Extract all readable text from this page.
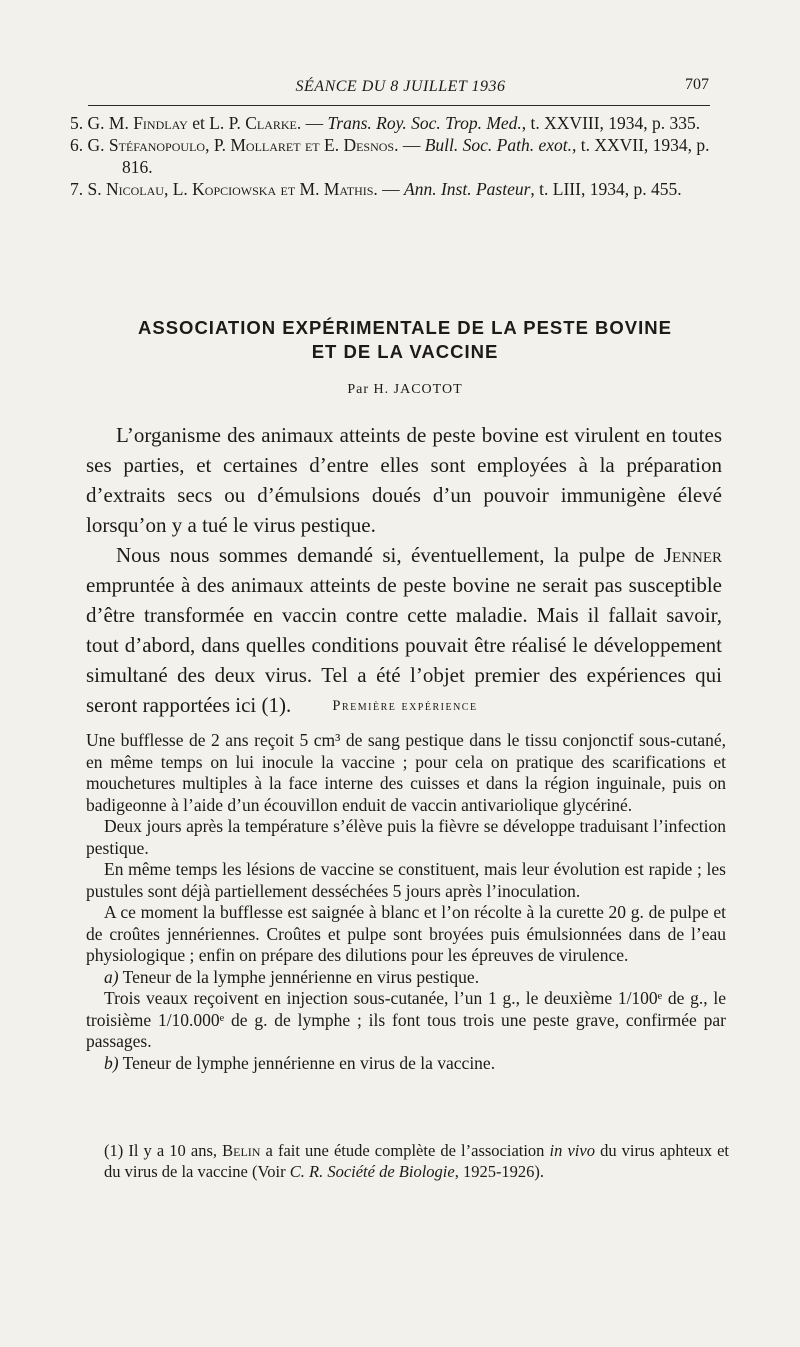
SÉANCE DU 8 JUILLET 1936	707

5. G. M. Findlay et L. P. Clarke. — Trans. Roy. Soc. Trop. Med., t. XXVIII, 1934, p. 335.

6. G. Stéfanopoulo, P. Mollaret et E. Desnos. — Bull. Soc. Path. exot., t. XXVII, 1934, p. 816.

7. S. Nicolau, L. Kopciowska et M. Mathis. — Ann. Inst. Pasteur, t. LIII, 1934, p. 455.

ASSOCIATION EXPÉRIMENTALE DE LA PESTE BOVINE
ET DE LA VACCINE
Par H. JACOTOT

L’organisme des animaux atteints de peste bovine est virulent en toutes ses parties, et certaines d’entre elles sont employées à la préparation d’extraits secs ou d’émulsions doués d’un pouvoir immunigène élevé lorsqu’on y a tué le virus pestique.

Nous nous sommes demandé si, éventuellement, la pulpe de Jenner empruntée à des animaux atteints de peste bovine ne serait pas susceptible d’être transformée en vaccin contre cette maladie. Mais il fallait savoir, tout d’abord, dans quelles conditions pouvait être réalisé le développement simultané des deux virus. Tel a été l’objet premier des expériences qui seront rapportées ici (1).	Première expérience

Une bufflesse de 2 ans reçoit 5 cm³ de sang pestique dans le tissu conjonctif sous-cutané, en même temps on lui inocule la vaccine ; pour cela on pratique des scarifications et mouchetures multiples à la face interne des cuisses et dans la région inguinale, puis on badigeonne à l’aide d’un écouvillon enduit de vaccin antivariolique glycériné.

Deux jours après la température s’élève puis la fièvre se développe traduisant l’infection pestique.

En même temps les lésions de vaccine se constituent, mais leur évolution est rapide ; les pustules sont déjà partiellement desséchées 5 jours après l’inoculation.

A ce moment la bufflesse est saignée à blanc et l’on récolte à la curette 20 g. de pulpe et de croûtes jennériennes. Croûtes et pulpe sont broyées puis émulsionnées dans de l’eau physiologique ; enfin on prépare des dilutions pour les épreuves de virulence.

a) Teneur de la lymphe jennérienne en virus pestique.

Trois veaux reçoivent en injection sous-cutanée, l’un 1 g., le deuxième 1/100ᵉ de g., le troisième 1/10.000ᵉ de g. de lymphe ; ils font tous trois une peste grave, confirmée par passages.

b) Teneur de lymphe jennérienne en virus de la vaccine.

(1) Il y a 10 ans, Belin a fait une étude complète de l’association in vivo du virus aphteux et du virus de la vaccine (Voir C. R. Société de Biologie, 1925-1926).
